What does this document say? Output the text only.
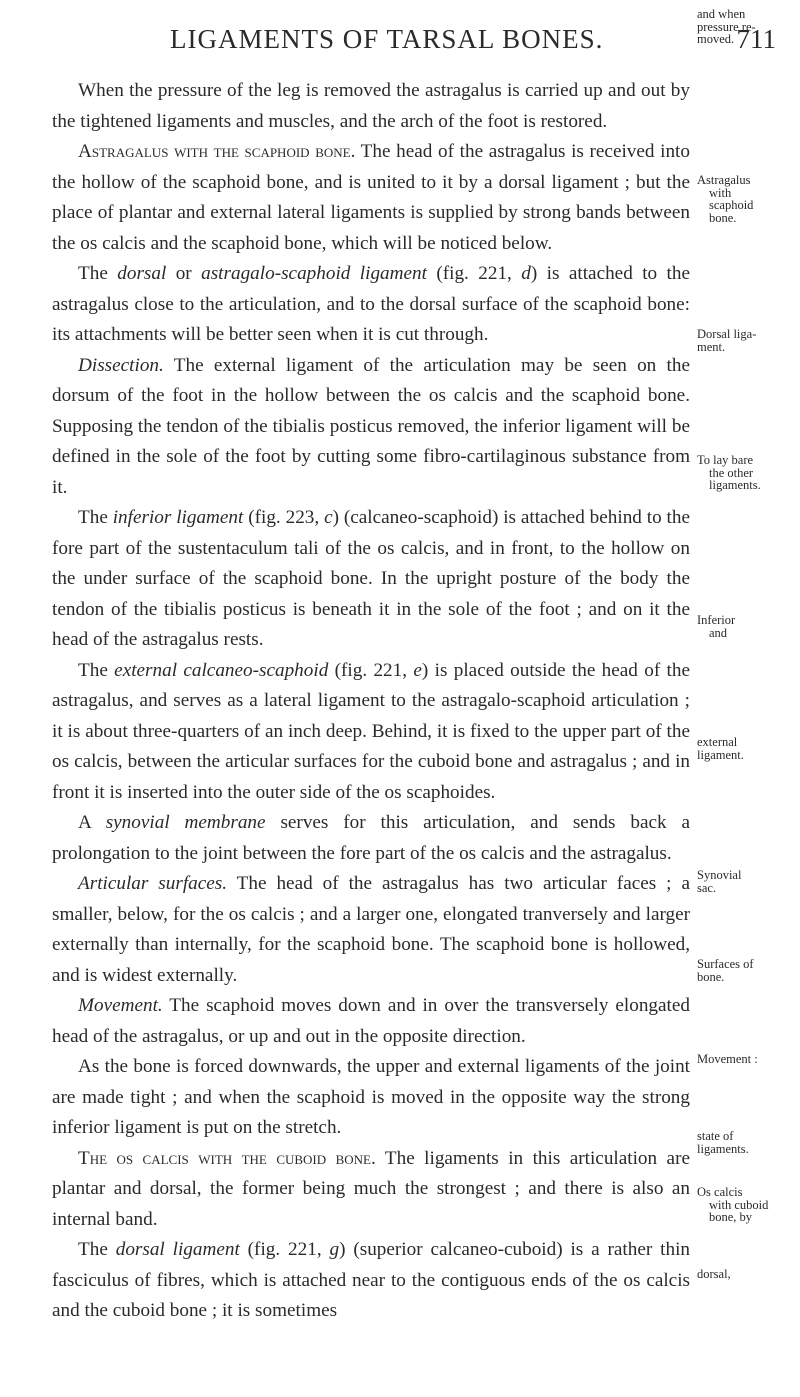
LIGAMENTS OF TARSAL BONES.	711

When the pressure of the leg is removed the astragalus is carried up and out by the tightened ligaments and muscles, and the arch of the foot is restored.

Astragalus with the scaphoid bone. The head of the astragalus is received into the hollow of the scaphoid bone, and is united to it by a dorsal ligament ; but the place of plantar and external lateral ligaments is supplied by strong bands between the os calcis and the scaphoid bone, which will be noticed below.

The dorsal or astragalo-scaphoid ligament (fig. 221, d) is attached to the astragalus close to the articulation, and to the dorsal surface of the scaphoid bone: its attachments will be better seen when it is cut through.

Dissection. The external ligament of the articulation may be seen on the dorsum of the foot in the hollow between the os calcis and the scaphoid bone. Supposing the tendon of the tibialis posticus removed, the inferior ligament will be defined in the sole of the foot by cutting some fibro-cartilaginous substance from it.

The inferior ligament (fig. 223, c) (calcaneo-scaphoid) is attached behind to the fore part of the sustentaculum tali of the os calcis, and in front, to the hollow on the under surface of the scaphoid bone. In the upright posture of the body the tendon of the tibialis posticus is beneath it in the sole of the foot ; and on it the head of the astragalus rests.

The external calcaneo-scaphoid (fig. 221, e) is placed outside the head of the astragalus, and serves as a lateral ligament to the astragalo-scaphoid articulation ; it is about three-quarters of an inch deep. Behind, it is fixed to the upper part of the os calcis, between the articular surfaces for the cuboid bone and astragalus ; and in front it is inserted into the outer side of the os scaphoides.

A synovial membrane serves for this articulation, and sends back a prolongation to the joint between the fore part of the os calcis and the astragalus.

Articular surfaces. The head of the astragalus has two articular faces ; a smaller, below, for the os calcis ; and a larger one, elongated tranversely and larger externally than internally, for the scaphoid bone. The scaphoid bone is hollowed, and is widest externally.

Movement. The scaphoid moves down and in over the transversely elongated head of the astragalus, or up and out in the opposite direction.

As the bone is forced downwards, the upper and external ligaments of the joint are made tight ; and when the scaphoid is moved in the opposite way the strong inferior ligament is put on the stretch.

The os calcis with the cuboid bone. The ligaments in this articulation are plantar and dorsal, the former being much the strongest ; and there is also an internal band.

The dorsal ligament (fig. 221, g) (superior calcaneo-cuboid) is a rather thin fasciculus of fibres, which is attached near to the contiguous ends of the os calcis and the cuboid bone ; it is sometimes

and when
pressure re-
moved.
Astragalus
with
scaphoid
bone.
Dorsal liga-
ment.
To lay bare
the other
ligaments.
Inferior
and
external
ligament.
Synovial
sac.
Surfaces of
bone.
Movement :
state of
ligaments.
Os calcis
with cuboid
bone, by
dorsal,
